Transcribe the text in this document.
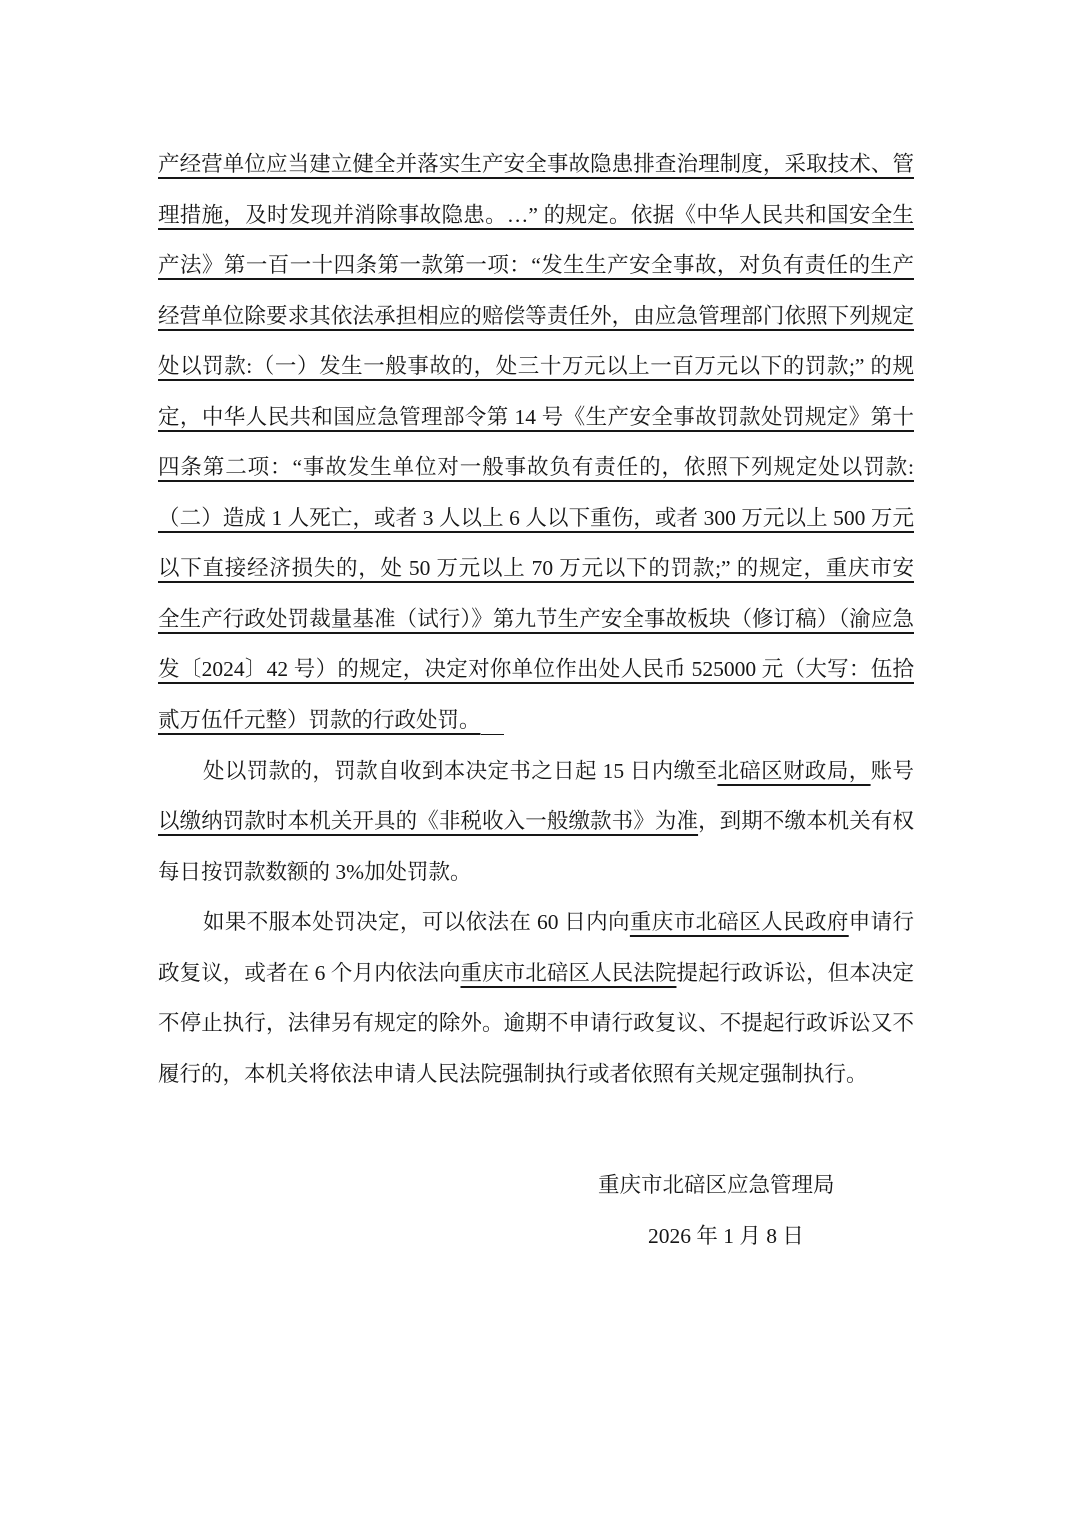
产经营单位应当建立健全并落实生产安全事故隐患排查治理制度，采取技术、管
理措施，及时发现并消除事故隐患。…” 的规定。依据《中华人民共和国安全生
产法》第一百一十四条第一款第一项：“发生生产安全事故，对负有责任的生产
经营单位除要求其依法承担相应的赔偿等责任外，由应急管理部门依照下列规定
处以罚款:（一）发生一般事故的，处三十万元以上一百万元以下的罚款;” 的规
定，中华人民共和国应急管理部令第 14 号《生产安全事故罚款处罚规定》第十
四条第二项：“事故发生单位对一般事故负有责任的，依照下列规定处以罚款:
（二）造成 1 人死亡，或者 3 人以上 6 人以下重伤，或者 300 万元以上 500 万元
以下直接经济损失的，处 50 万元以上 70 万元以下的罚款;” 的规定，重庆市安
全生产行政处罚裁量基准（试行）》第九节生产安全事故板块（修订稿）（渝应急
发〔2024〕42 号）的规定，决定对你单位作出处人民币 525000 元（大写：伍拾
贰万伍仟元整）罚款的行政处罚。
处以罚款的，罚款自收到本决定书之日起 15 日内缴至北碚区财政局，账号
以缴纳罚款时本机关开具的《非税收入一般缴款书》为准，到期不缴本机关有权
每日按罚款数额的 3%加处罚款。
如果不服本处罚决定，可以依法在 60 日内向重庆市北碚区人民政府申请行
政复议，或者在 6 个月内依法向重庆市北碚区人民法院提起行政诉讼，但本决定
不停止执行，法律另有规定的除外。逾期不申请行政复议、不提起行政诉讼又不
履行的，本机关将依法申请人民法院强制执行或者依照有关规定强制执行。
重庆市北碚区应急管理局
2026 年 1 月 8 日
